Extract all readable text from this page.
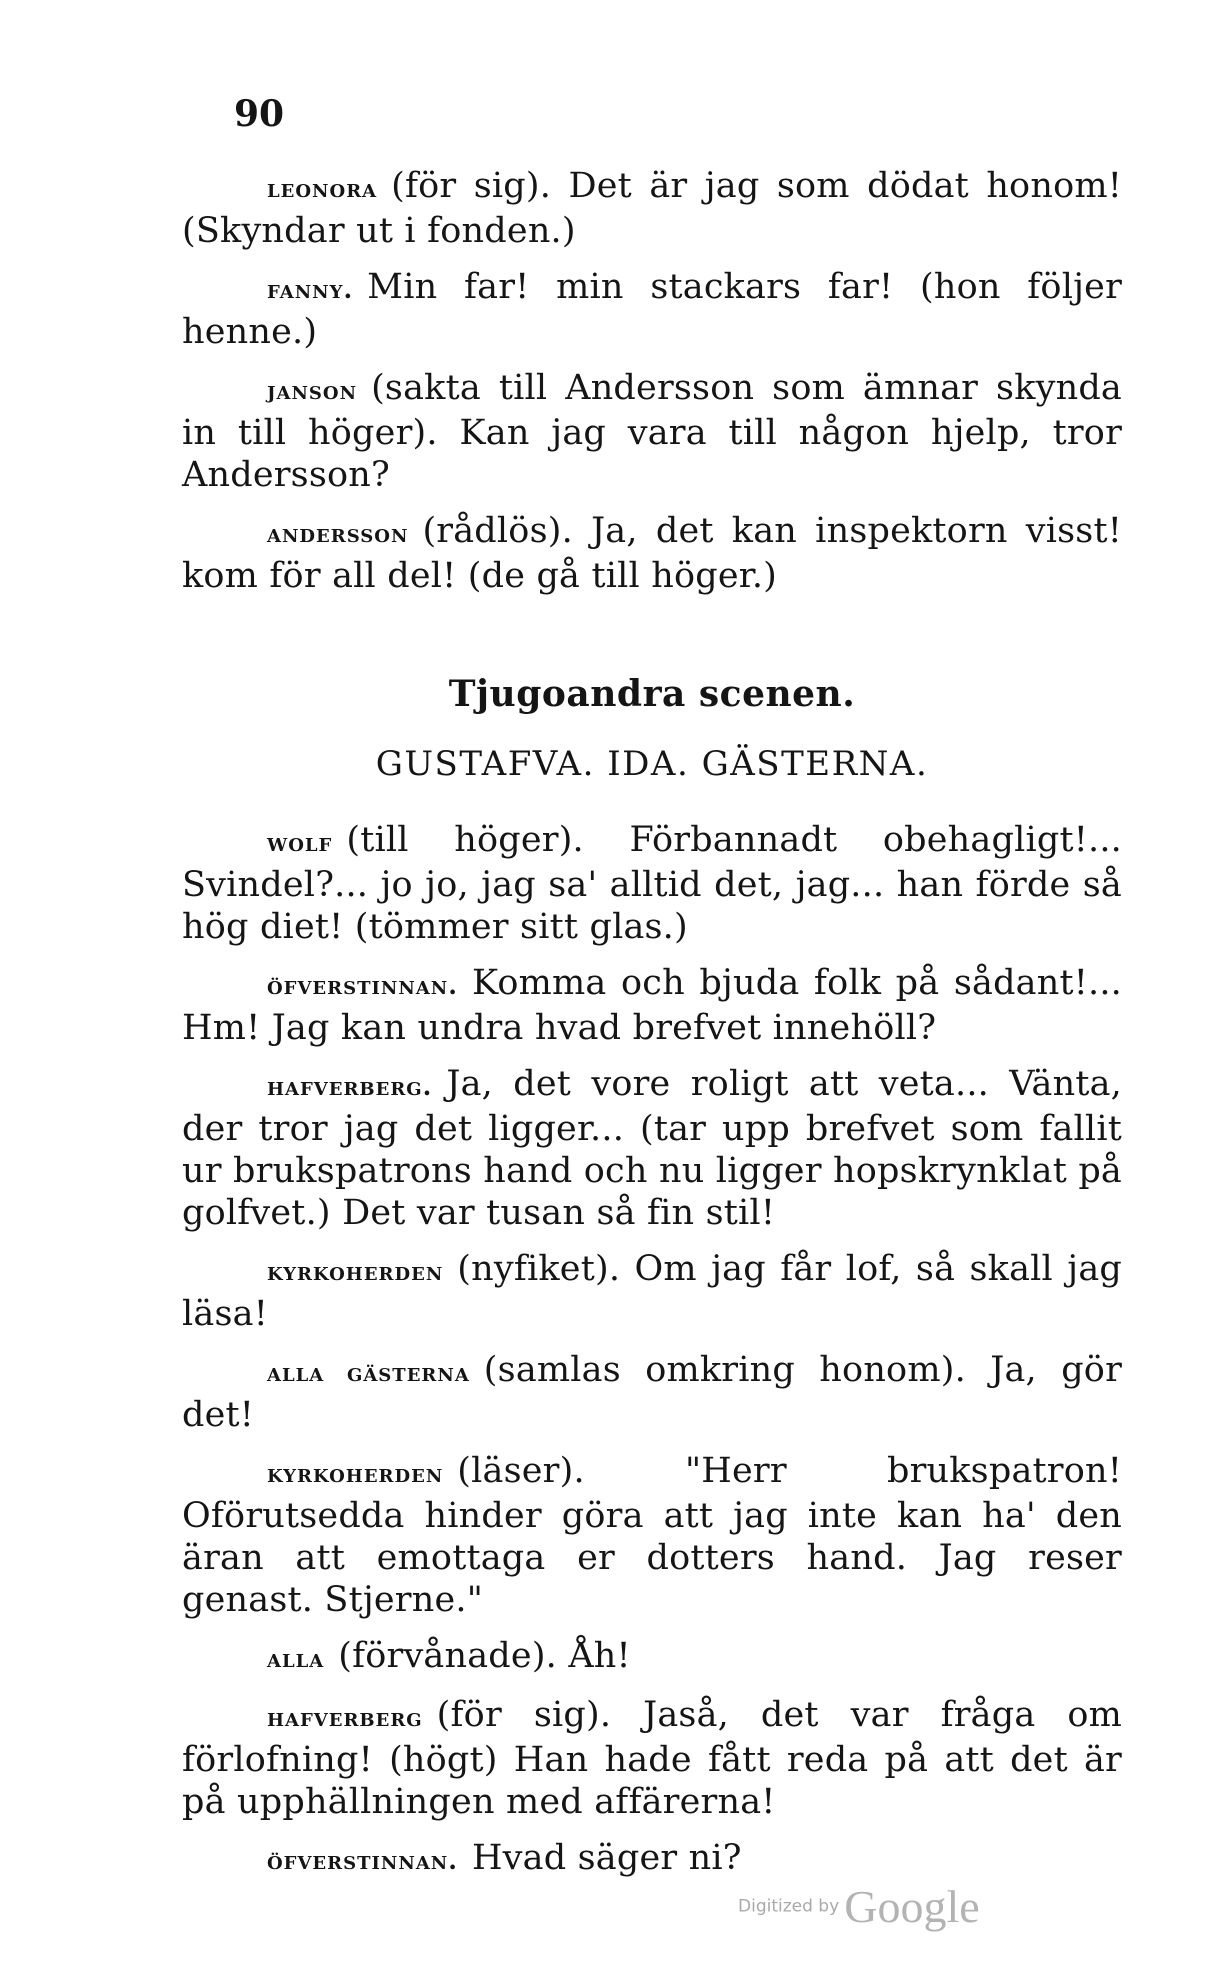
90

leonora (för sig). Det är jag som dödat honom! (Skyndar ut i fonden.)

fanny. Min far! min stackars far! (hon följer henne.)

janson (sakta till Andersson som ämnar skynda in till höger). Kan jag vara till någon hjelp, tror Andersson?

andersson (rådlös). Ja, det kan inspektorn visst! kom för all del! (de gå till höger.)

Tjugoandra scenen.
GUSTAFVA. IDA. GÄSTERNA.

wolf (till höger). Förbannadt obehagligt!... Svindel?... jo jo, jag sa' alltid det, jag... han förde så hög diet! (tömmer sitt glas.)

öfverstinnan. Komma och bjuda folk på sådant!... Hm! Jag kan undra hvad brefvet innehöll?

hafverberg. Ja, det vore roligt att veta... Vänta, der tror jag det ligger... (tar upp brefvet som fallit ur brukspatrons hand och nu ligger hopskrynklat på golfvet.) Det var tusan så fin stil!

kyrkoherden (nyfiket). Om jag får lof, så skall jag läsa!

alla gästerna (samlas omkring honom). Ja, gör det!

kyrkoherden (läser). "Herr brukspatron! Oförutsedda hinder göra att jag inte kan ha' den äran att emottaga er dotters hand. Jag reser genast. Stjerne."

alla (förvånade). Åh!

hafverberg (för sig). Jaså, det var fråga om förlofning! (högt) Han hade fått reda på att det är på upphällningen med affärerna!

öfverstinnan. Hvad säger ni?

Digitized by Google
